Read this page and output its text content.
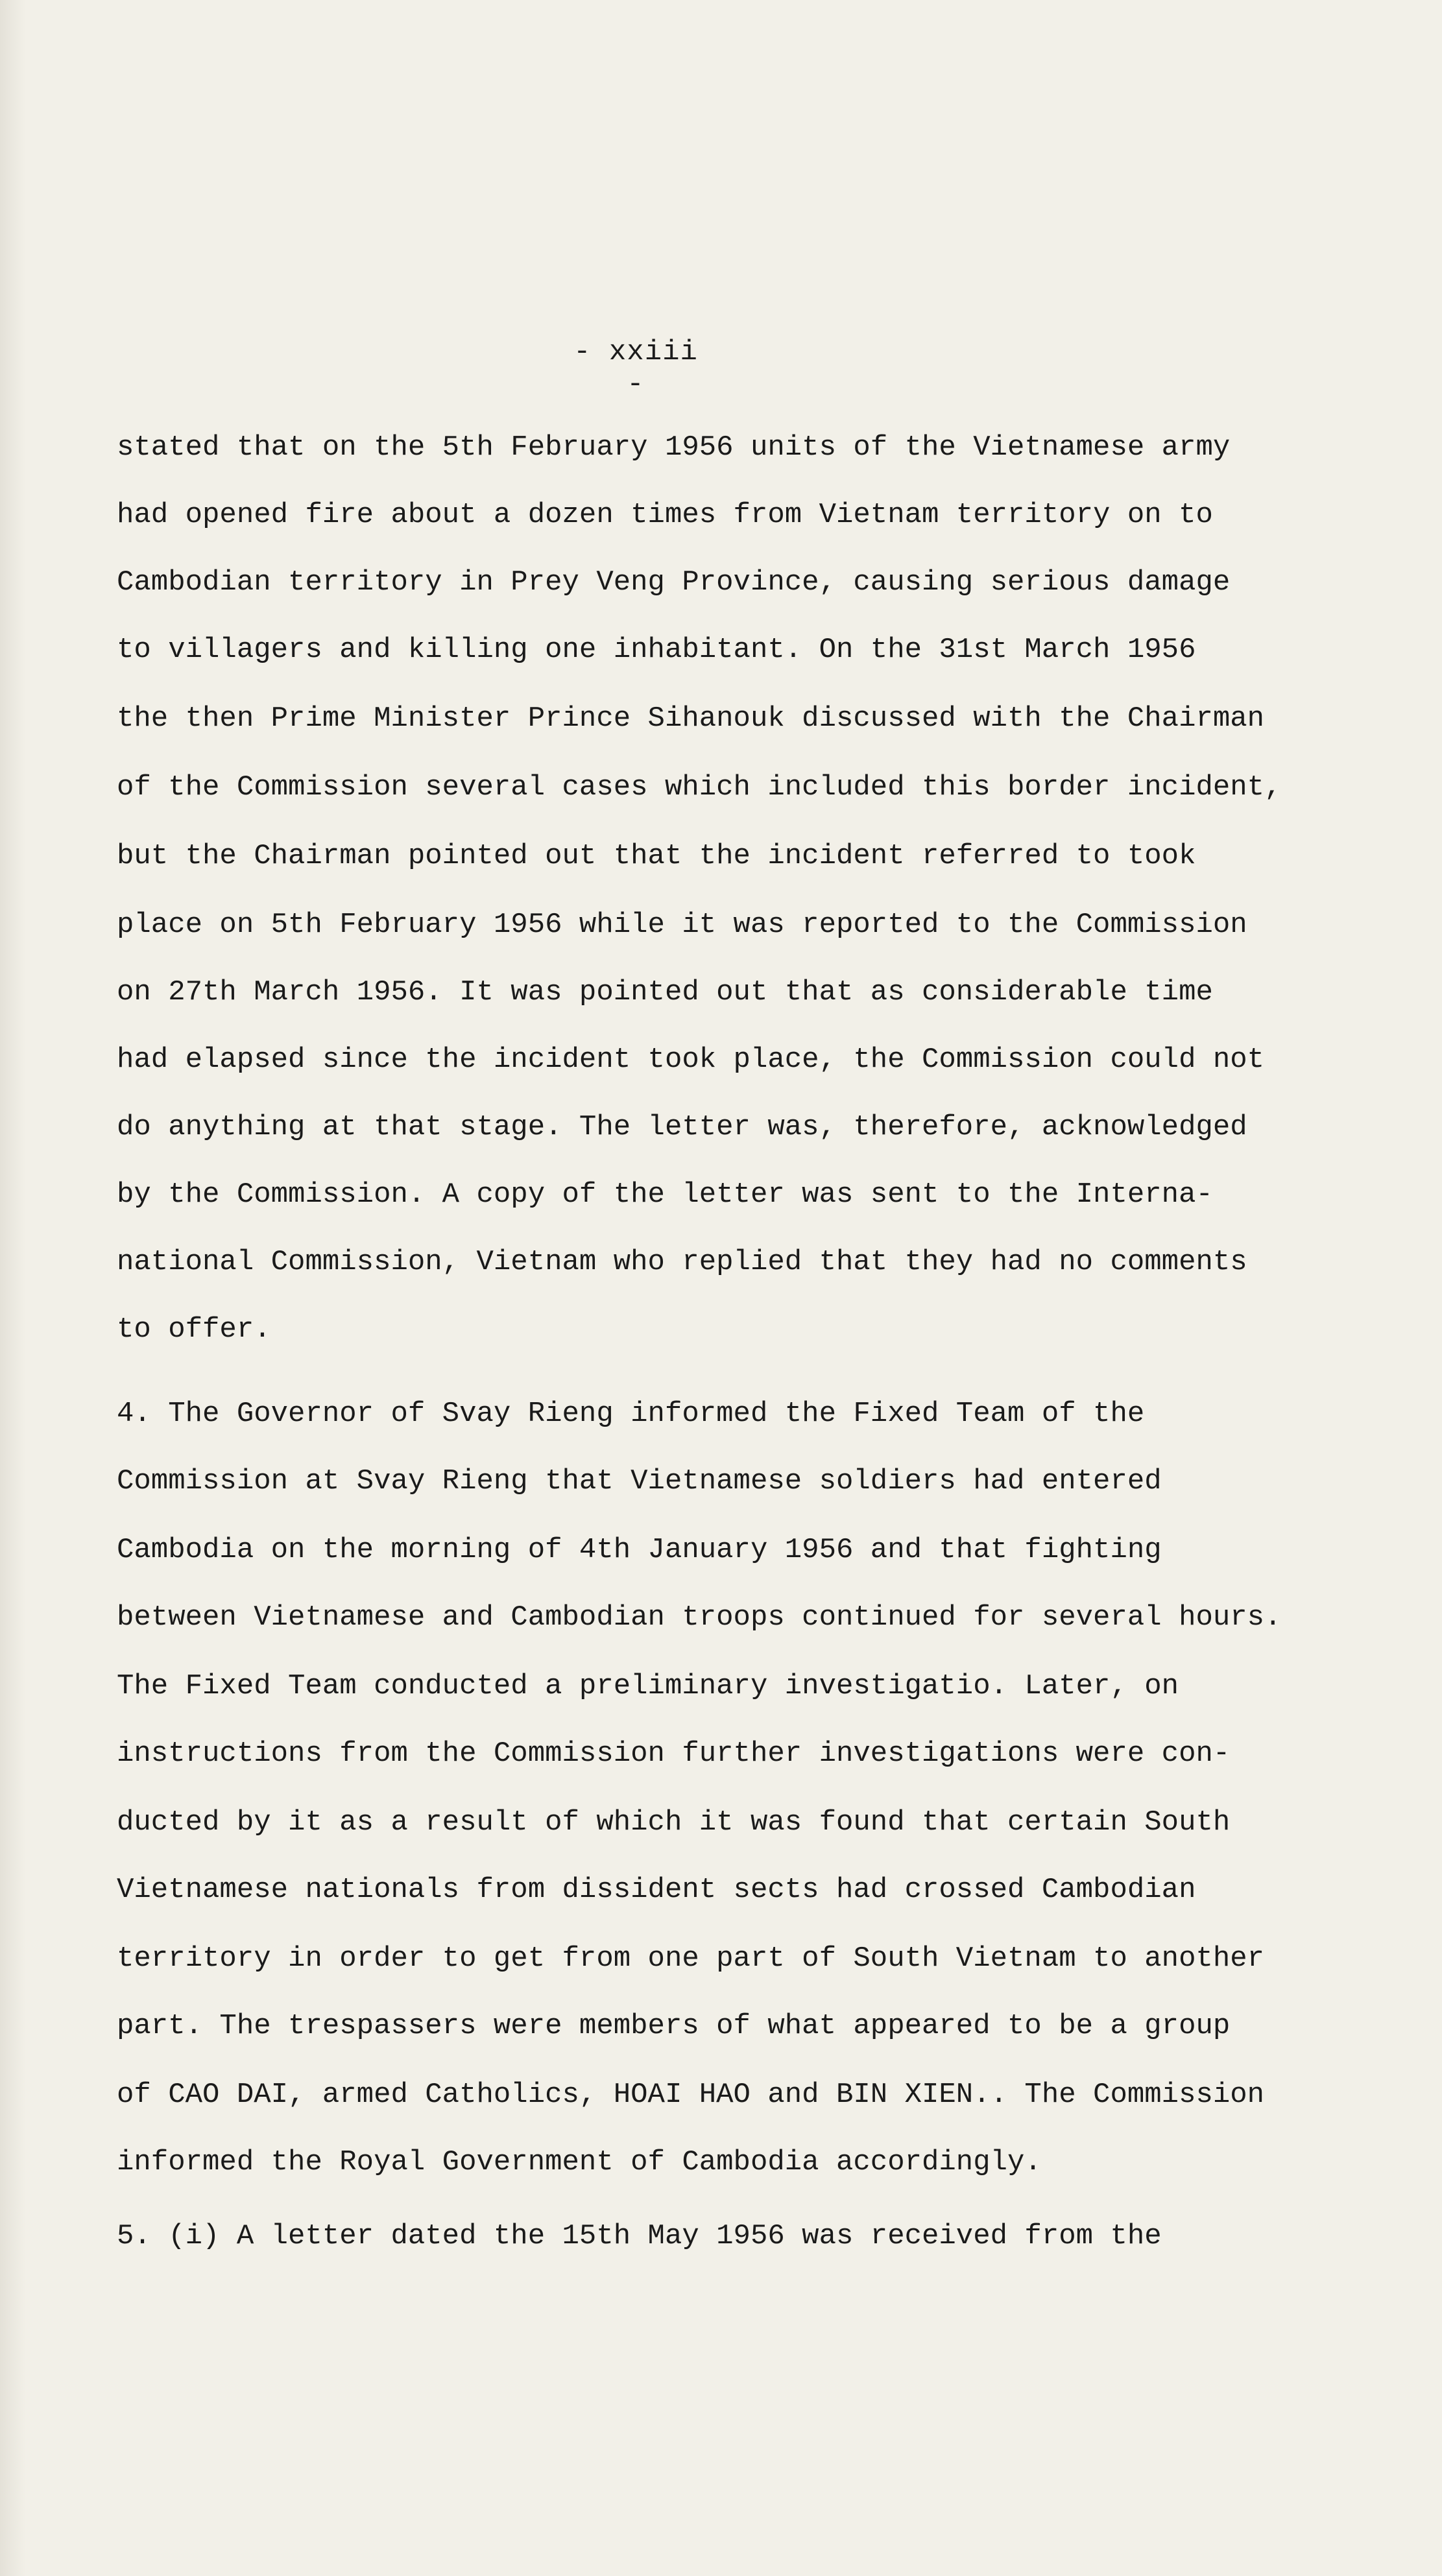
- xxiii -
stated that on the 5th February 1956 units of the Vietnamese army
had opened fire about a dozen times from Vietnam territory on to
Cambodian territory in Prey Veng Province, causing serious damage
to villagers and killing one inhabitant. On the 31st March 1956
the then Prime Minister Prince Sihanouk discussed with the Chairman
of the Commission several cases which included this border incident,
but the Chairman pointed out that the incident referred to took
place on 5th February 1956 while it was reported to the Commission
on 27th March 1956. It was pointed out that as considerable time
had elapsed since the incident took place, the Commission could not
do anything at that stage. The letter was, therefore, acknowledged
by the Commission. A copy of the letter was sent to the Interna-
national Commission, Vietnam who replied that they had no comments
to offer.
4. The Governor of Svay Rieng informed the Fixed Team of the
Commission at Svay Rieng that Vietnamese soldiers had entered
Cambodia on the morning of 4th January 1956 and that fighting
between Vietnamese and Cambodian troops continued for several hours.
The Fixed Team conducted a preliminary investigatio. Later, on
instructions from the Commission further investigations were con-
ducted by it as a result of which it was found that certain South
Vietnamese nationals from dissident sects had crossed Cambodian
territory in order to get from one part of South Vietnam to another
part. The trespassers were members of what appeared to be a group
of CAO DAI, armed Catholics, HOAI HAO and BIN XIEN.. The Commission
informed the Royal Government of Cambodia accordingly.
5. (i) A letter dated the 15th May 1956 was received from the
